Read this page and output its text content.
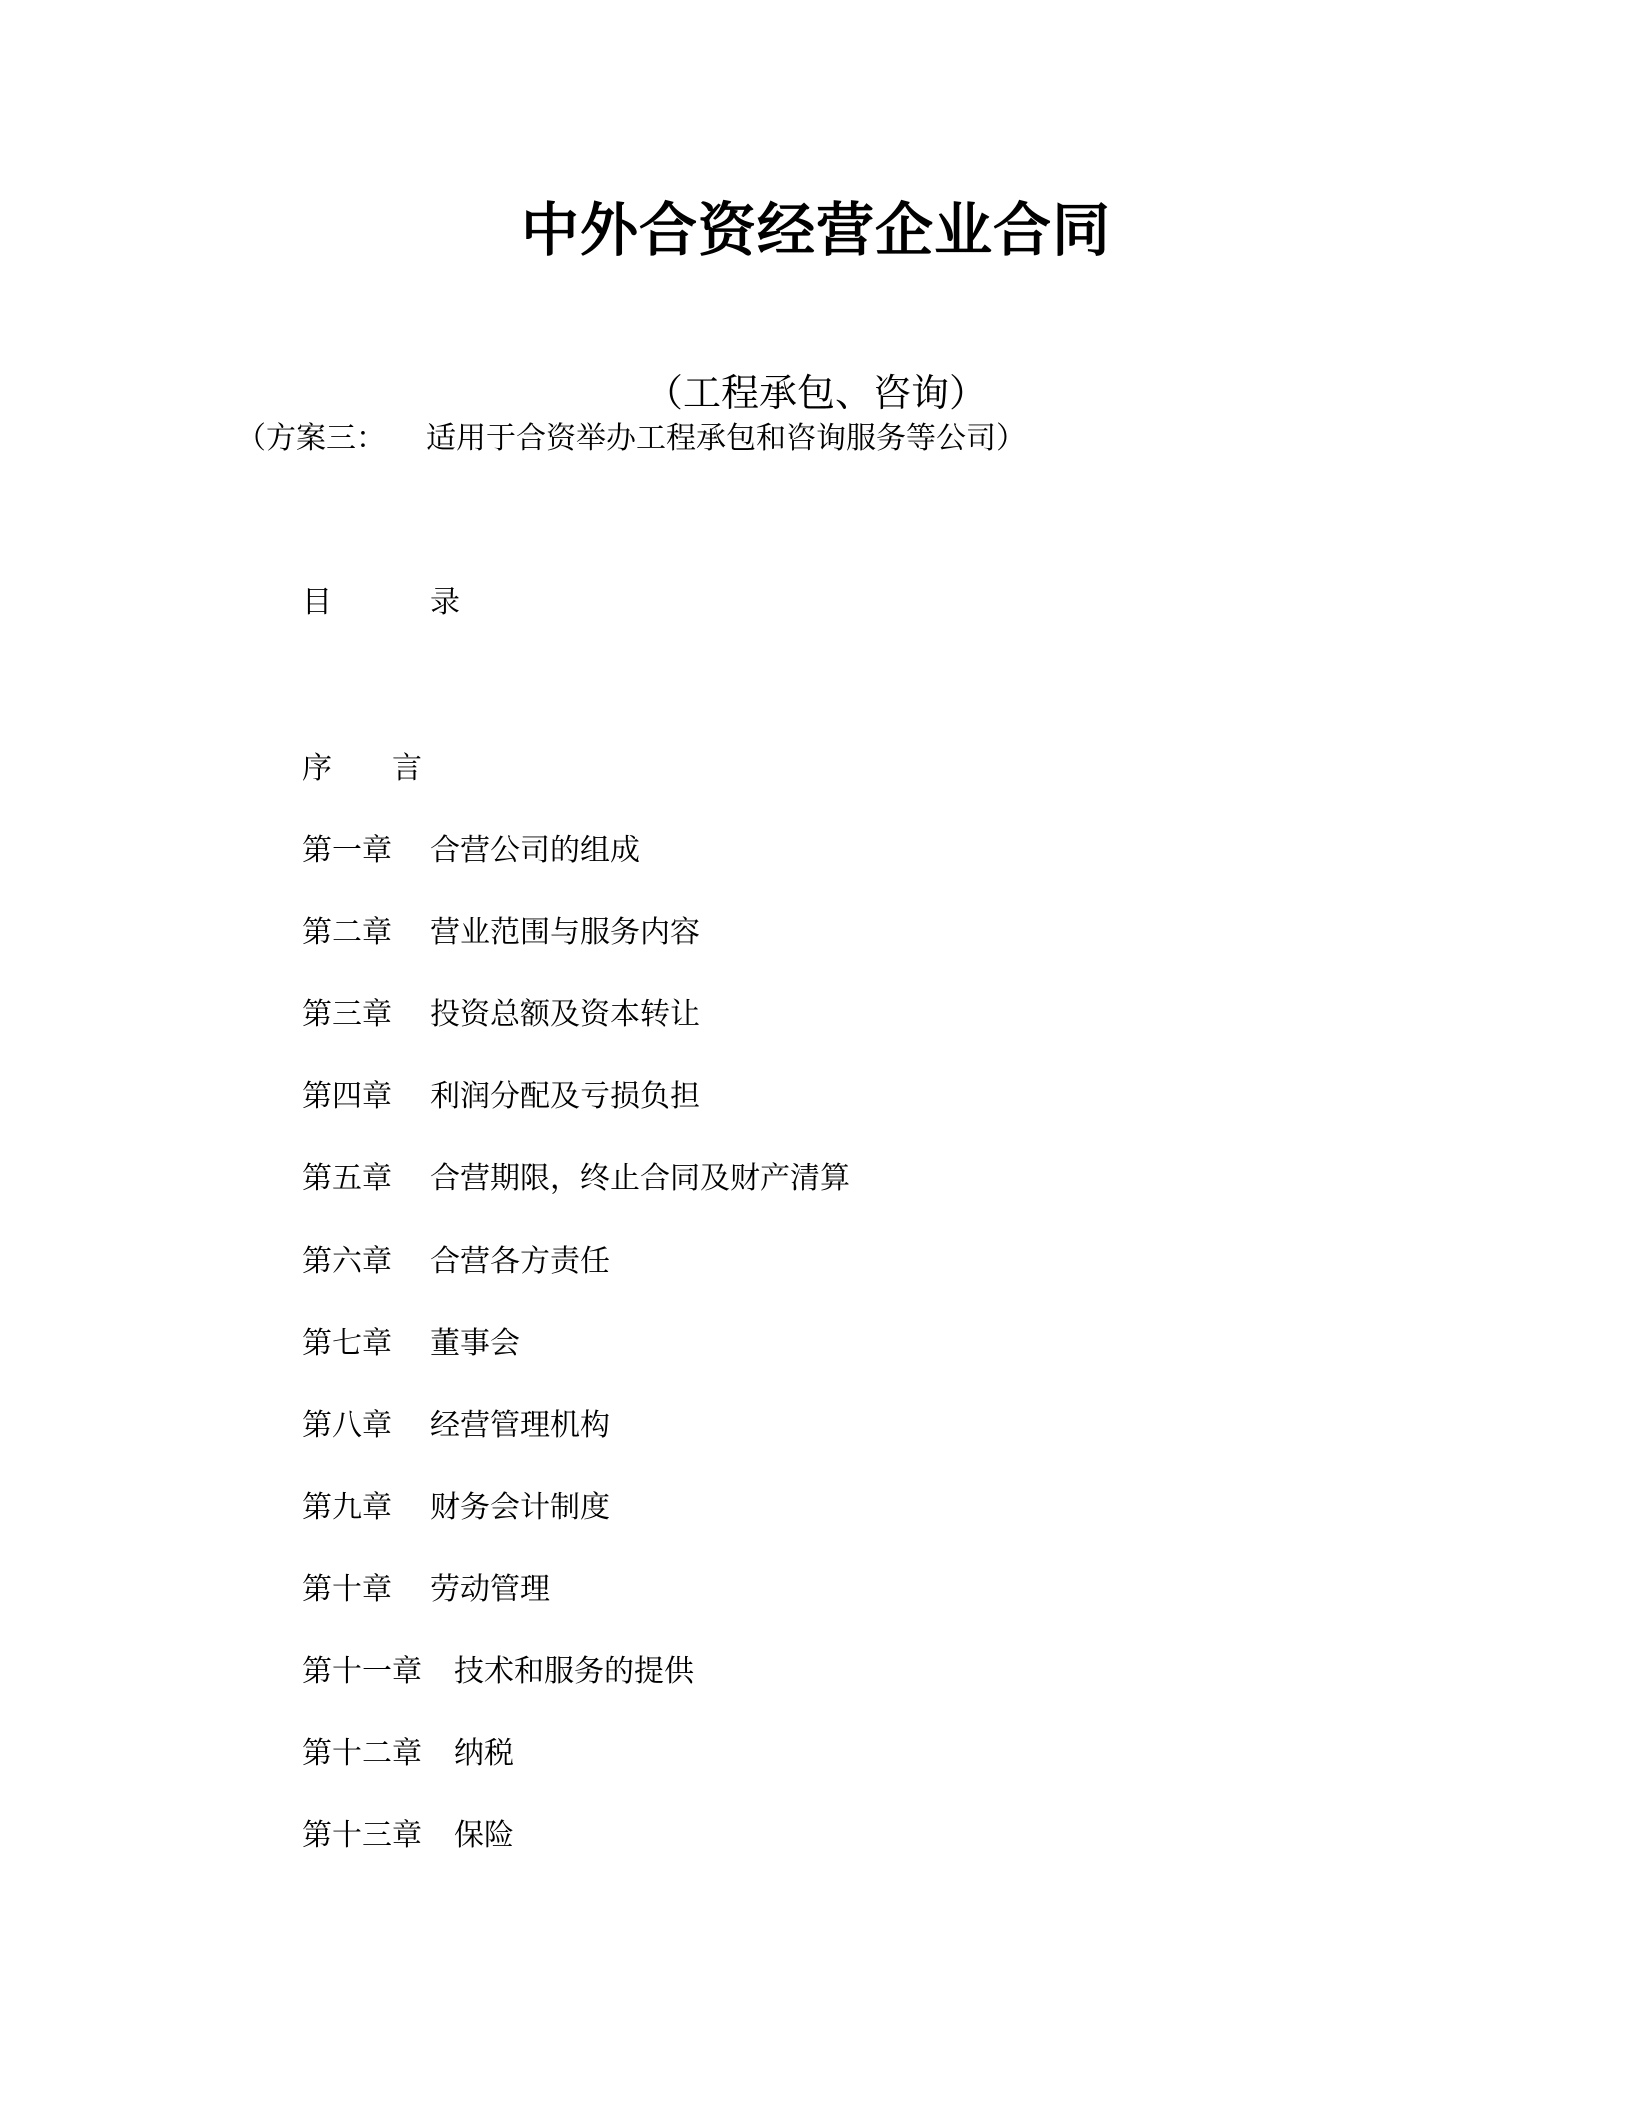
中外合资经营企业合同
（工程承包、咨询）
（方案三： 适用于合资举办工程承包和咨询服务等公司）
目	录
序 言
第一章 合营公司的组成
第二章 营业范围与服务内容
第三章 投资总额及资本转让
第四章 利润分配及亏损负担
第五章 合营期限，终止合同及财产清算
第六章 合营各方责任
第七章 董事会
第八章 经营管理机构
第九章 财务会计制度
第十章 劳动管理
第十一章 技术和服务的提供
第十二章 纳税
第十三章 保险
